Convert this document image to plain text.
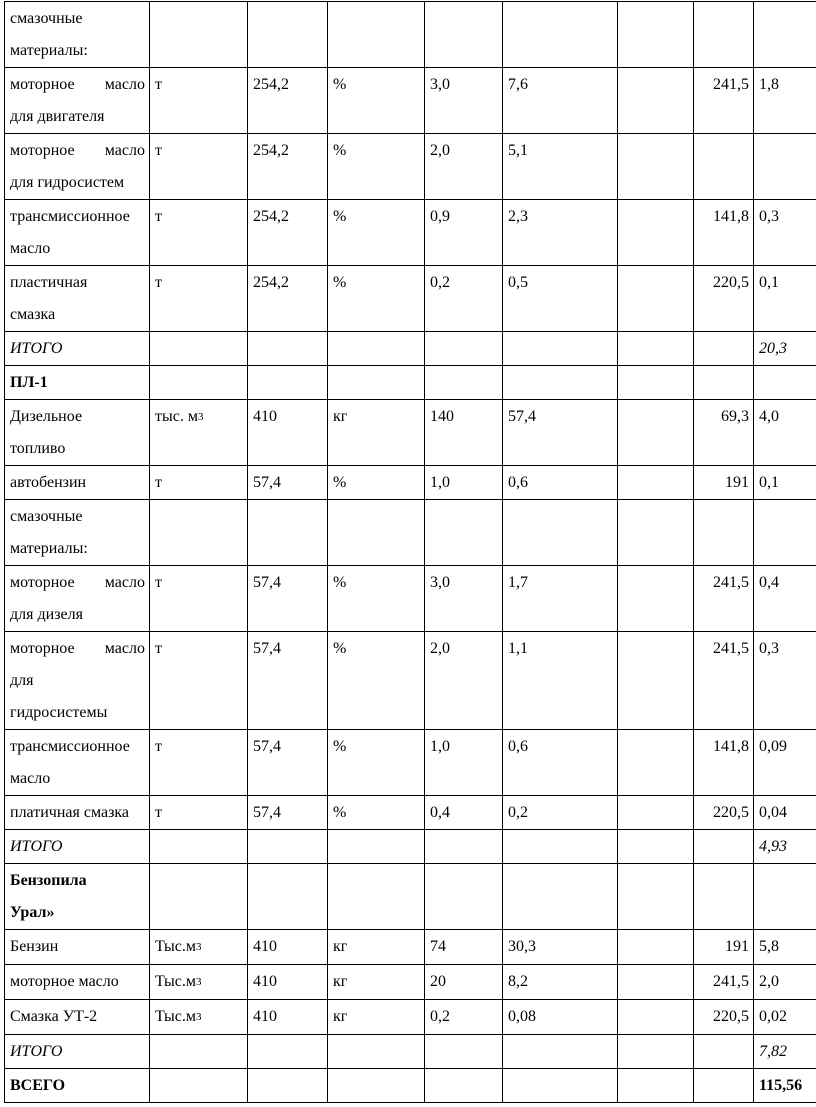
смазочные
материалы:								

моторное масло
для двигателя	т	254,2	%	3,0	7,6		241,5	1,8

моторное масло
для гидросистем	т	254,2	%	2,0	5,1			

трансмиссионное
масло	т	254,2	%	0,9	2,3		141,8	0,3

пластичная
смазка	т	254,2	%	0,2	0,5		220,5	0,1
ИТОГО								20,3
ПЛ-1								

Дизельное
топливо	тыс. $м^3$	410	кг	140	57,4		69,3	4,0
автобензин	т	57,4	%	1,0	0,6		191	0,1

смазочные
материалы:								

моторное масло
для дизеля	т	57,4	%	3,0	1,7		241,5	0,4

моторное масло
для
гидросистемы	т	57,4	%	2,0	1,1		241,5	0,3

трансмиссионное
масло	т	57,4	%	1,0	0,6		141,8	0,09
платичная смазка	т	57,4	%	0,4	0,2		220,5	0,04
ИТОГО								4,93

Бензопила
Урал»								

Бензин	$Тыс.м^3$	410	кг	74	30,3		191	5,8
моторное масло	$Тыс.м^3$	410	кг	20	8,2		241,5	2,0
Смазка УТ-2	$Тыс.м^3$	410	кг	0,2	0,08		220,5	0,02
ИТОГО								7,82
ВСЕГО								115,56
